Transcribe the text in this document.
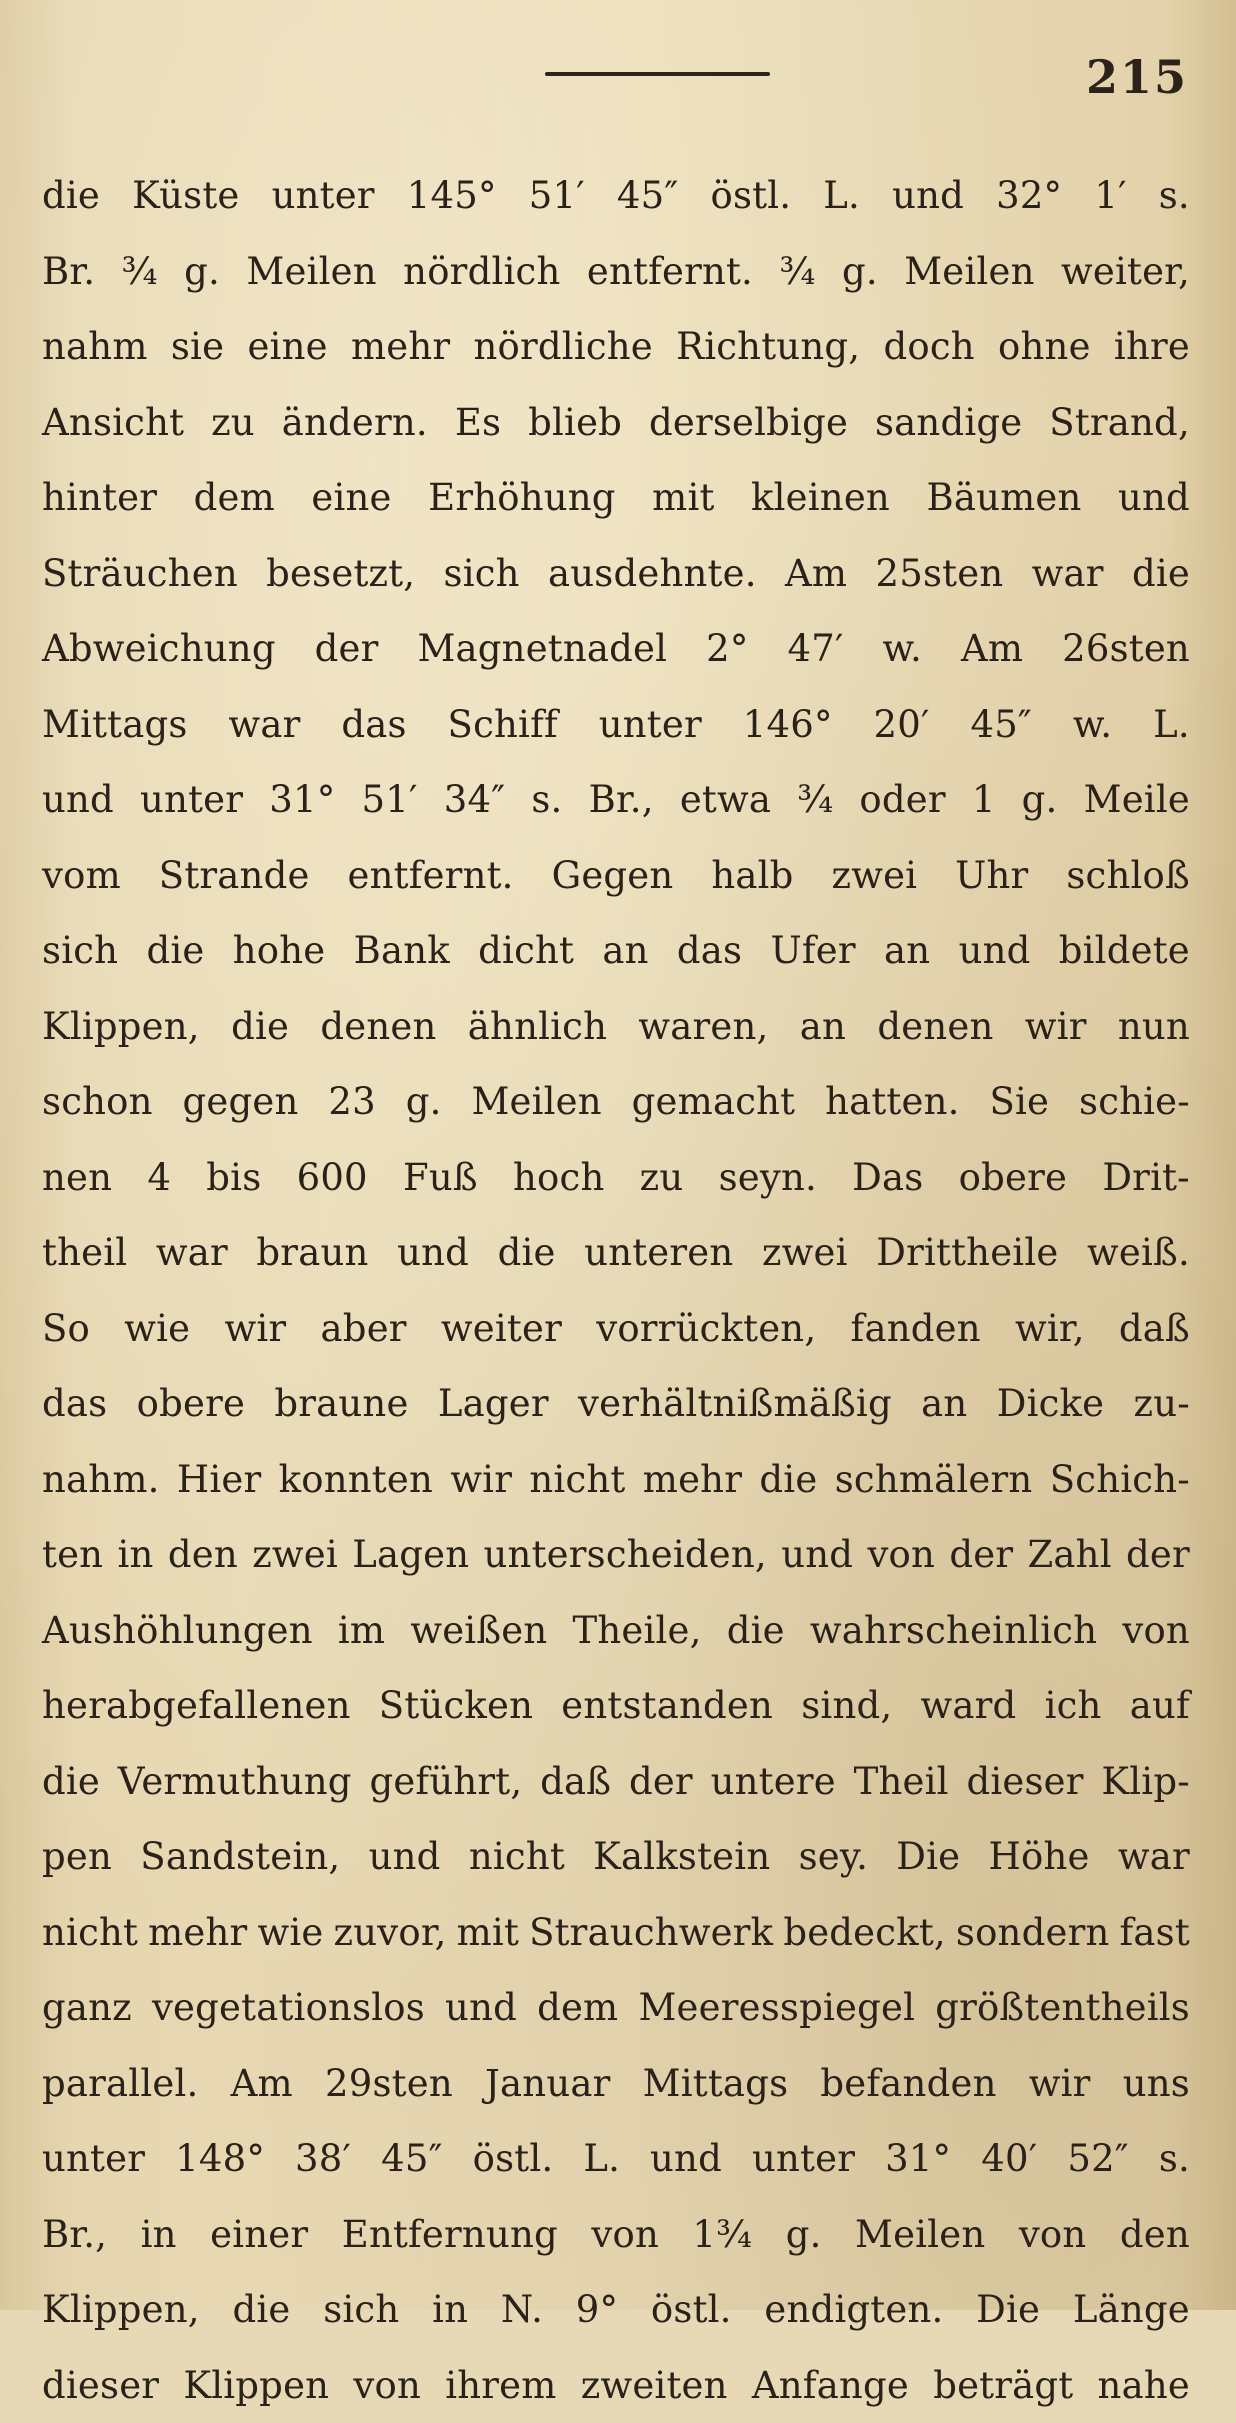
215
die Küste unter 145° 51′ 45″ östl. L. und 32° 1′ s.
Br. ¾ g. Meilen nördlich entfernt. ¾ g. Meilen weiter,
nahm sie eine mehr nördliche Richtung, doch ohne ihre
Ansicht zu ändern. Es blieb derselbige sandige Strand,
hinter dem eine Erhöhung mit kleinen Bäumen und
Sträuchen besetzt, sich ausdehnte. Am 25sten war die
Abweichung der Magnetnadel 2° 47′ w. Am 26sten
Mittags war das Schiff unter 146° 20′ 45″ w. L.
und unter 31° 51′ 34″ s. Br., etwa ¾ oder 1 g. Meile
vom Strande entfernt. Gegen halb zwei Uhr schloß
sich die hohe Bank dicht an das Ufer an und bildete
Klippen, die denen ähnlich waren, an denen wir nun
schon gegen 23 g. Meilen gemacht hatten. Sie schie-
nen 4 bis 600 Fuß hoch zu seyn. Das obere Drit-
theil war braun und die unteren zwei Drittheile weiß.
So wie wir aber weiter vorrückten, fanden wir, daß
das obere braune Lager verhältnißmäßig an Dicke zu-
nahm. Hier konnten wir nicht mehr die schmälern Schich-
ten in den zwei Lagen unterscheiden, und von der Zahl der
Aushöhlungen im weißen Theile, die wahrscheinlich von
herabgefallenen Stücken entstanden sind, ward ich auf
die Vermuthung geführt, daß der untere Theil dieser Klip-
pen Sandstein, und nicht Kalkstein sey. Die Höhe war
nicht mehr wie zuvor, mit Strauchwerk bedeckt, sondern fast
ganz vegetationslos und dem Meeresspiegel größtentheils
parallel. Am 29sten Januar Mittags befanden wir uns
unter 148° 38′ 45″ östl. L. und unter 31° 40′ 52″ s.
Br., in einer Entfernung von 1¾ g. Meilen von den
Klippen, die sich in N. 9° östl. endigten. Die Länge
dieser Klippen von ihrem zweiten Anfange beträgt nahe
